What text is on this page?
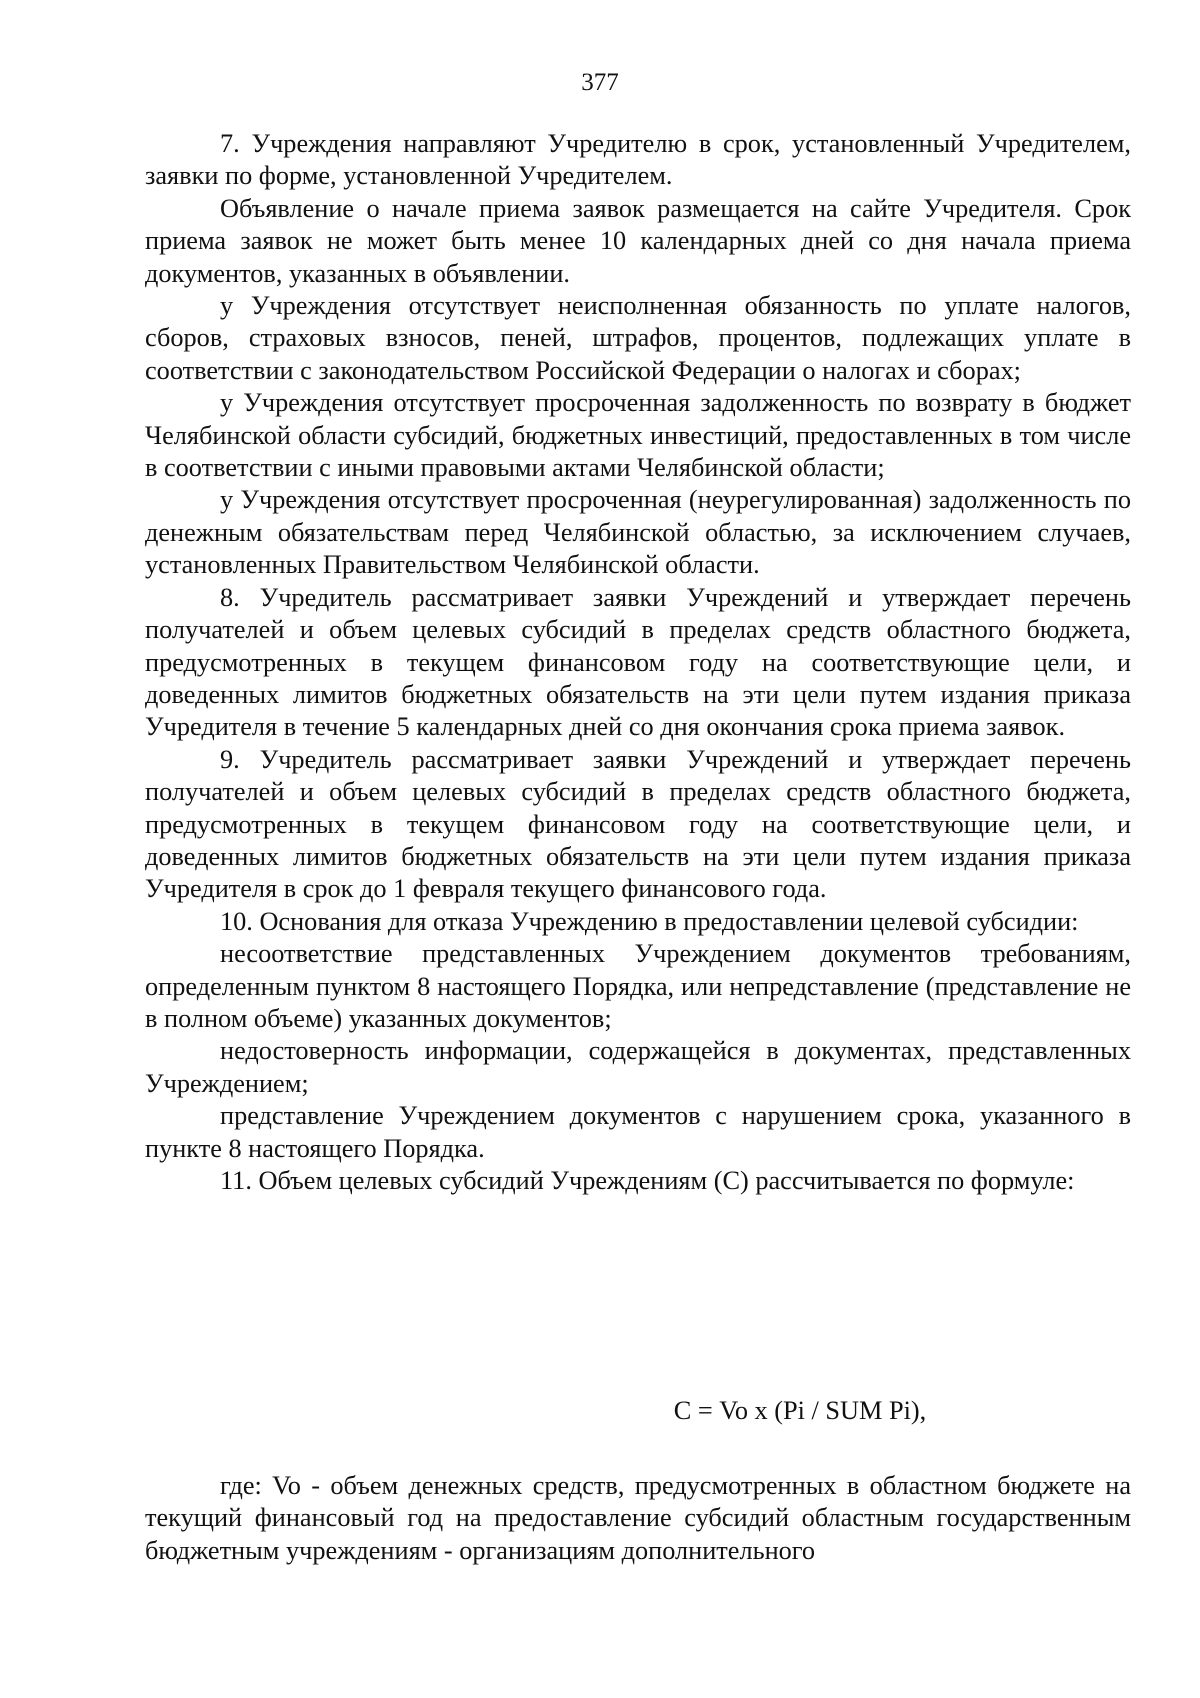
377

7. Учреждения направляют Учредителю в срок, установленный Учредителем, заявки по форме, установленной Учредителем.

Объявление о начале приема заявок размещается на сайте Учредителя. Срок приема заявок не может быть менее 10 календарных дней со дня начала приема документов, указанных в объявлении.

у Учреждения отсутствует неисполненная обязанность по уплате налогов, сборов, страховых взносов, пеней, штрафов, процентов, подлежащих уплате в соответствии с законодательством Российской Федерации о налогах и сборах;

у Учреждения отсутствует просроченная задолженность по возврату в бюджет Челябинской области субсидий, бюджетных инвестиций, предоставленных в том числе в соответствии с иными правовыми актами Челябинской области;

у Учреждения отсутствует просроченная (неурегулированная) задолженность по денежным обязательствам перед Челябинской областью, за исключением случаев, установленных Правительством Челябинской области.

8. Учредитель рассматривает заявки Учреждений и утверждает перечень получателей и объем целевых субсидий в пределах средств областного бюджета, предусмотренных в текущем финансовом году на соответствующие цели, и доведенных лимитов бюджетных обязательств на эти цели путем издания приказа Учредителя в течение 5 календарных дней со дня окончания срока приема заявок.

9. Учредитель рассматривает заявки Учреждений и утверждает перечень получателей и объем целевых субсидий в пределах средств областного бюджета, предусмотренных в текущем финансовом году на соответствующие цели, и доведенных лимитов бюджетных обязательств на эти цели путем издания приказа Учредителя в срок до 1 февраля текущего финансового года.

10. Основания для отказа Учреждению в предоставлении целевой субсидии:

несоответствие представленных Учреждением документов требованиям, определенным пунктом 8 настоящего Порядка, или непредставление (представление не в полном объеме) указанных документов;

недостоверность информации, содержащейся в документах, представленных Учреждением;

представление Учреждением документов с нарушением срока, указанного в пункте 8 настоящего Порядка.

11. Объем целевых субсидий Учреждениям (С) рассчитывается по формуле:

С = Vo x (Pi / SUM Pi),

где: Vo - объем денежных средств, предусмотренных в областном бюджете на текущий финансовый год на предоставление субсидий областным государственным бюджетным учреждениям - организациям дополнительного
